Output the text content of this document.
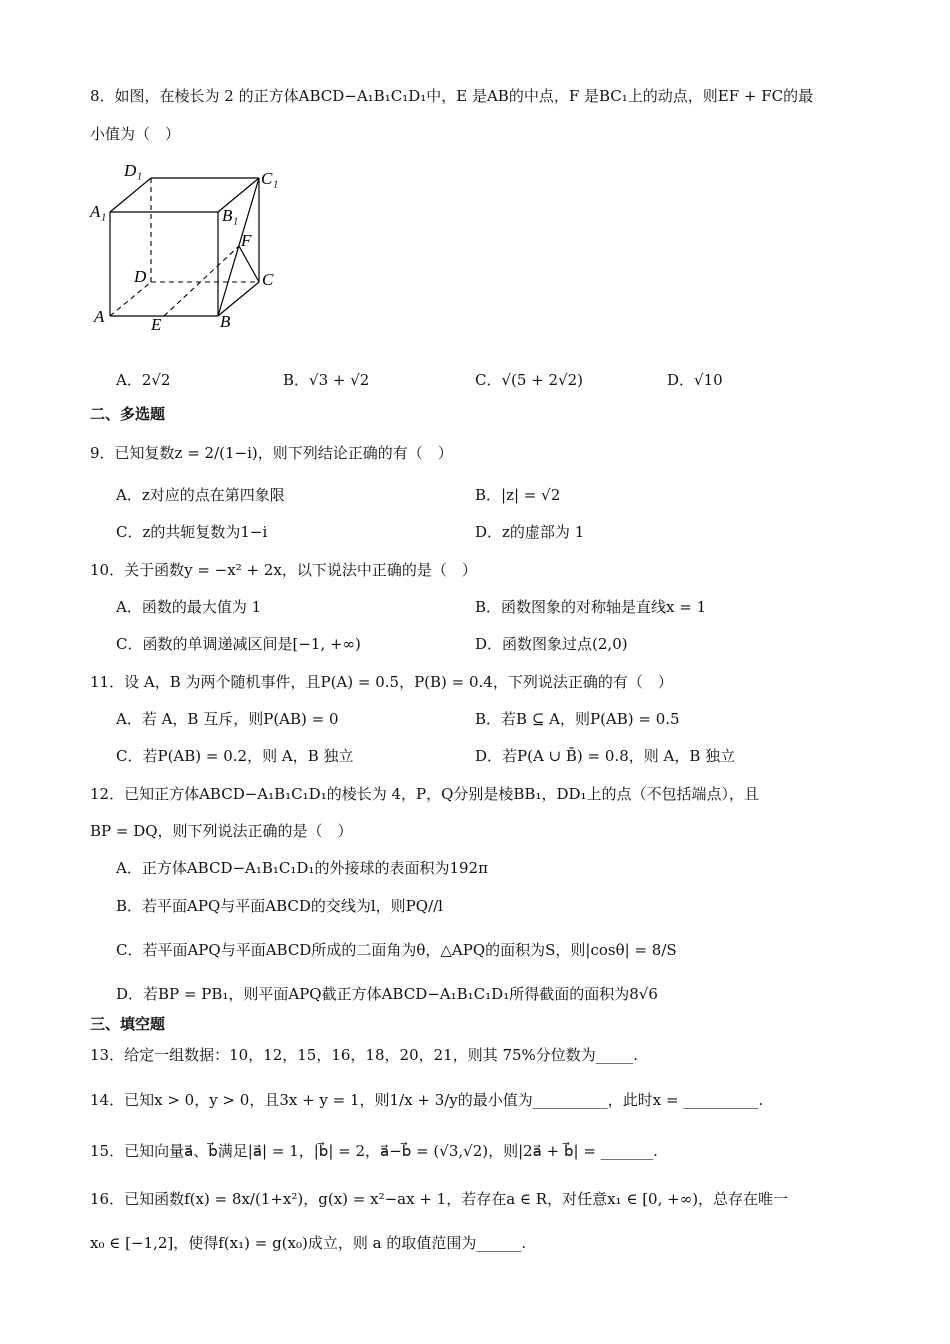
8．如图，在棱长为 2 的正方体ABCD−A₁B₁C₁D₁中，E 是AB的中点，F 是BC₁上的动点，则EF + FC的最
小值为（　）
D₁	C₁
A₁	B₁
F
D	C
A	B
E
A．2√2	B．√3 + √2	C．√(5 + 2√2)	D．√10
二、多选题
9．已知复数z = 2/(1−i)，则下列结论正确的有（　）
A．z对应的点在第四象限	B．|z| = √2
C．z的共轭复数为1−i	D．z的虚部为 1
10．关于函数y = −x² + 2x，以下说法中正确的是（　）
A．函数的最大值为 1	B．函数图象的对称轴是直线x = 1
C．函数的单调递减区间是[−1, +∞)	D．函数图象过点(2,0)
11．设 A，B 为两个随机事件，且P(A) = 0.5，P(B) = 0.4，下列说法正确的有（　）
A．若 A，B 互斥，则P(AB) = 0	B．若B ⊆ A，则P(AB) = 0.5
C．若P(AB) = 0.2，则 A，B 独立	D．若P(A ∪ B̄) = 0.8，则 A，B 独立
12．已知正方体ABCD−A₁B₁C₁D₁的棱长为 4，P，Q分别是棱BB₁，DD₁上的点（不包括端点），且
BP = DQ，则下列说法正确的是（　）
A．正方体ABCD−A₁B₁C₁D₁的外接球的表面积为192π
B．若平面APQ与平面ABCD的交线为l，则PQ//l
C．若平面APQ与平面ABCD所成的二面角为θ，△APQ的面积为S，则|cosθ| = 8/S
D．若BP = PB₁，则平面APQ截正方体ABCD−A₁B₁C₁D₁所得截面的面积为8√6
三、填空题
13．给定一组数据：10，12，15，16，18，20，21，则其 75%分位数为_____.
14．已知x > 0，y > 0，且3x + y = 1，则1/x + 3/y的最小值为__________，此时x = __________.
15．已知向量a⃗、b⃗满足|a⃗| = 1，|b⃗| = 2，a⃗−b⃗ = (√3,√2)，则|2a⃗ + b⃗| = _______.
16．已知函数f(x) = 8x/(1+x²)，g(x) = x²−ax + 1，若存在a ∈ R，对任意x₁ ∈ [0, +∞)，总存在唯一
x₀ ∈ [−1,2]，使得f(x₁) = g(x₀)成立，则 a 的取值范围为______.
